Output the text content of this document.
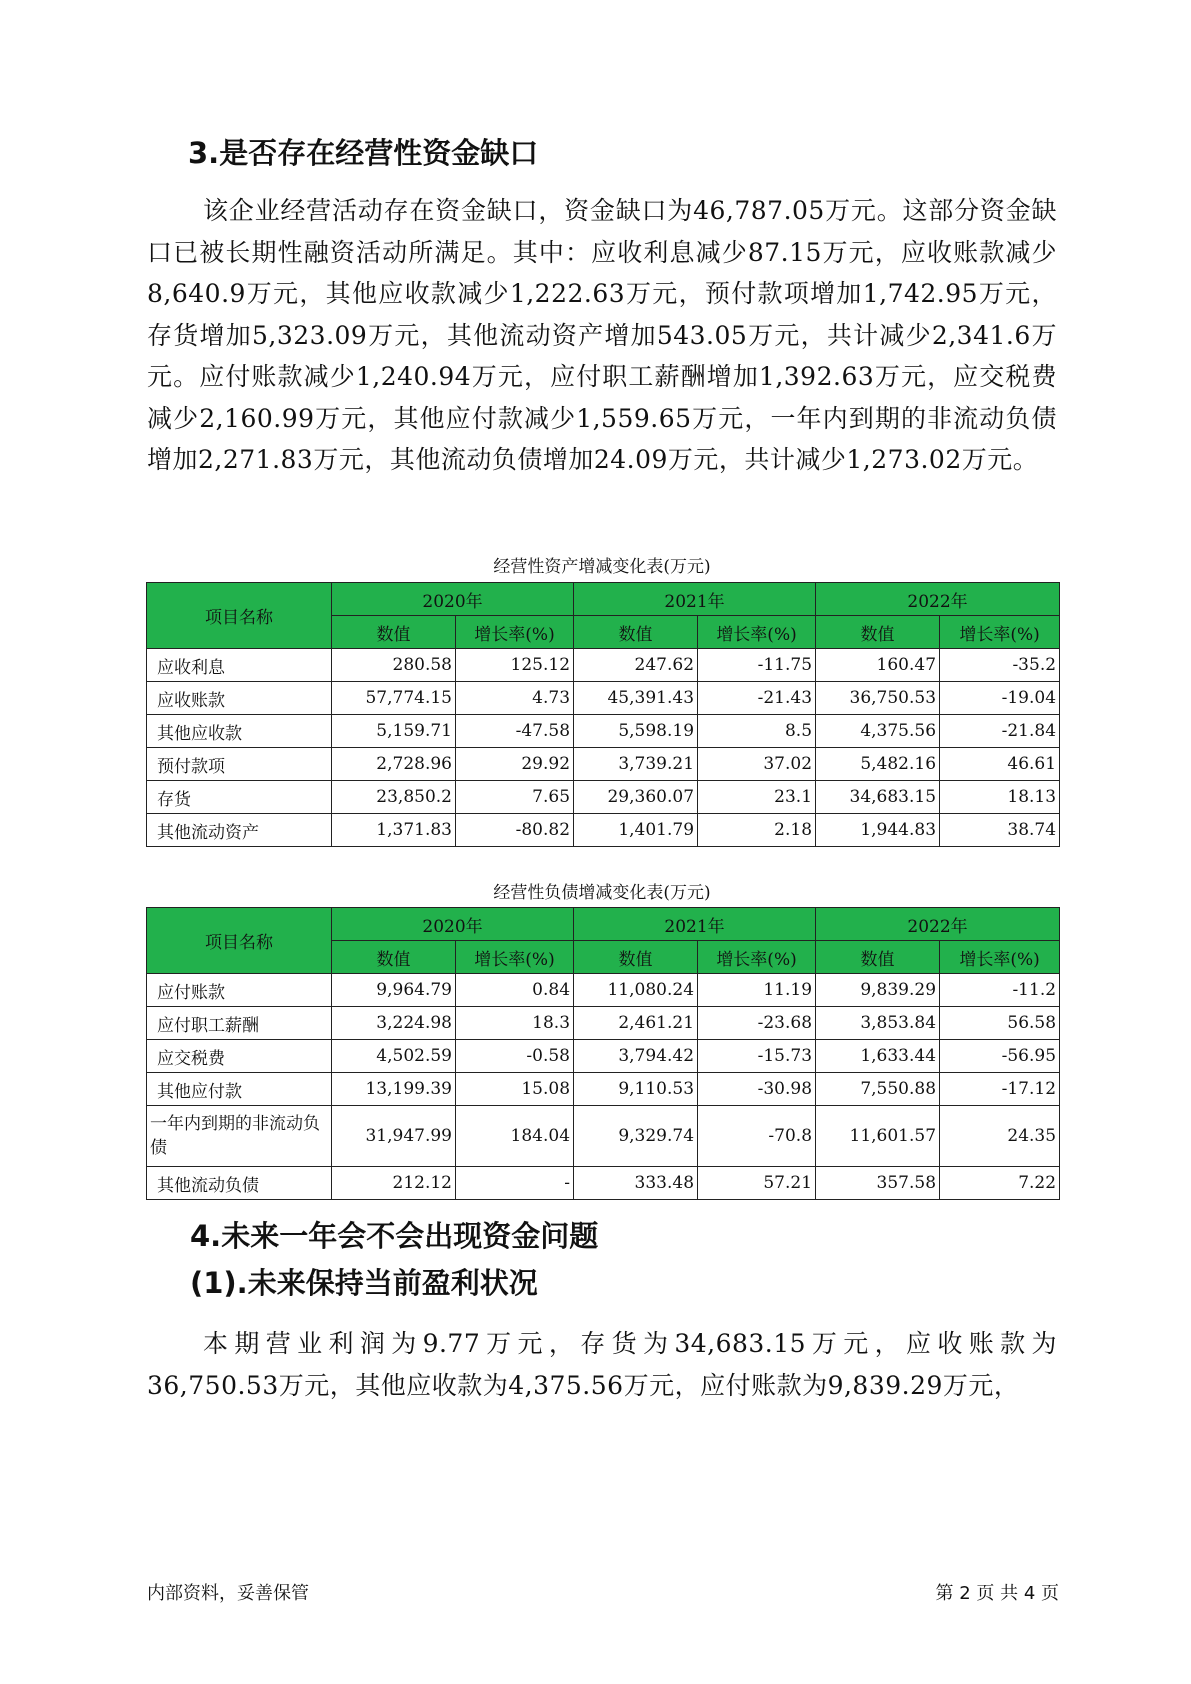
3.是否存在经营性资金缺口

该企业经营活动存在资金缺口，资金缺口为46,787.05万元。这部分资金缺口已被长期性融资活动所满足。其中：应收利息减少87.15万元，应收账款减少8,640.9万元，其他应收款减少1,222.63万元，预付款项增加1,742.95万元，存货增加5,323.09万元，其他流动资产增加543.05万元，共计减少2,341.6万元。应付账款减少1,240.94万元，应付职工薪酬增加1,392.63万元，应交税费减少2,160.99万元，其他应付款减少1,559.65万元，一年内到期的非流动负债增加2,271.83万元，其他流动负债增加24.09万元，共计减少1,273.02万元。

经营性资产增减变化表(万元)
项目名称	2020年		2021年		2022年	
	数值	增长率(%)	数值	增长率(%)	数值	增长率(%)
应收利息	280.58	125.12	247.62	-11.75	160.47	-35.2
应收账款	57,774.15	4.73	45,391.43	-21.43	36,750.53	-19.04
其他应收款	5,159.71	-47.58	5,598.19	8.5	4,375.56	-21.84
预付款项	2,728.96	29.92	3,739.21	37.02	5,482.16	46.61
存货	23,850.2	7.65	29,360.07	23.1	34,683.15	18.13
其他流动资产	1,371.83	-80.82	1,401.79	2.18	1,944.83	38.74
经营性负债增减变化表(万元)
项目名称	2020年		2021年		2022年	
	数值	增长率(%)	数值	增长率(%)	数值	增长率(%)
应付账款	9,964.79	0.84	11,080.24	11.19	9,839.29	-11.2
应付职工薪酬	3,224.98	18.3	2,461.21	-23.68	3,853.84	56.58
应交税费	4,502.59	-0.58	3,794.42	-15.73	1,633.44	-56.95
其他应付款	13,199.39	15.08	9,110.53	-30.98	7,550.88	-17.12
一年内到期的非流动负债	31,947.99	184.04	9,329.74	-70.8	11,601.57	24.35
其他流动负债	212.12	-	333.48	57.21	357.58	7.22
4.未来一年会不会出现资金问题
(1).未来保持当前盈利状况

本期营业利润为9.77万元，存货为34,683.15万元，应收账款为36,750.53万元，其他应收款为4,375.56万元，应付账款为9,839.29万元，

内部资料，妥善保管	第 2 页 共 4 页
